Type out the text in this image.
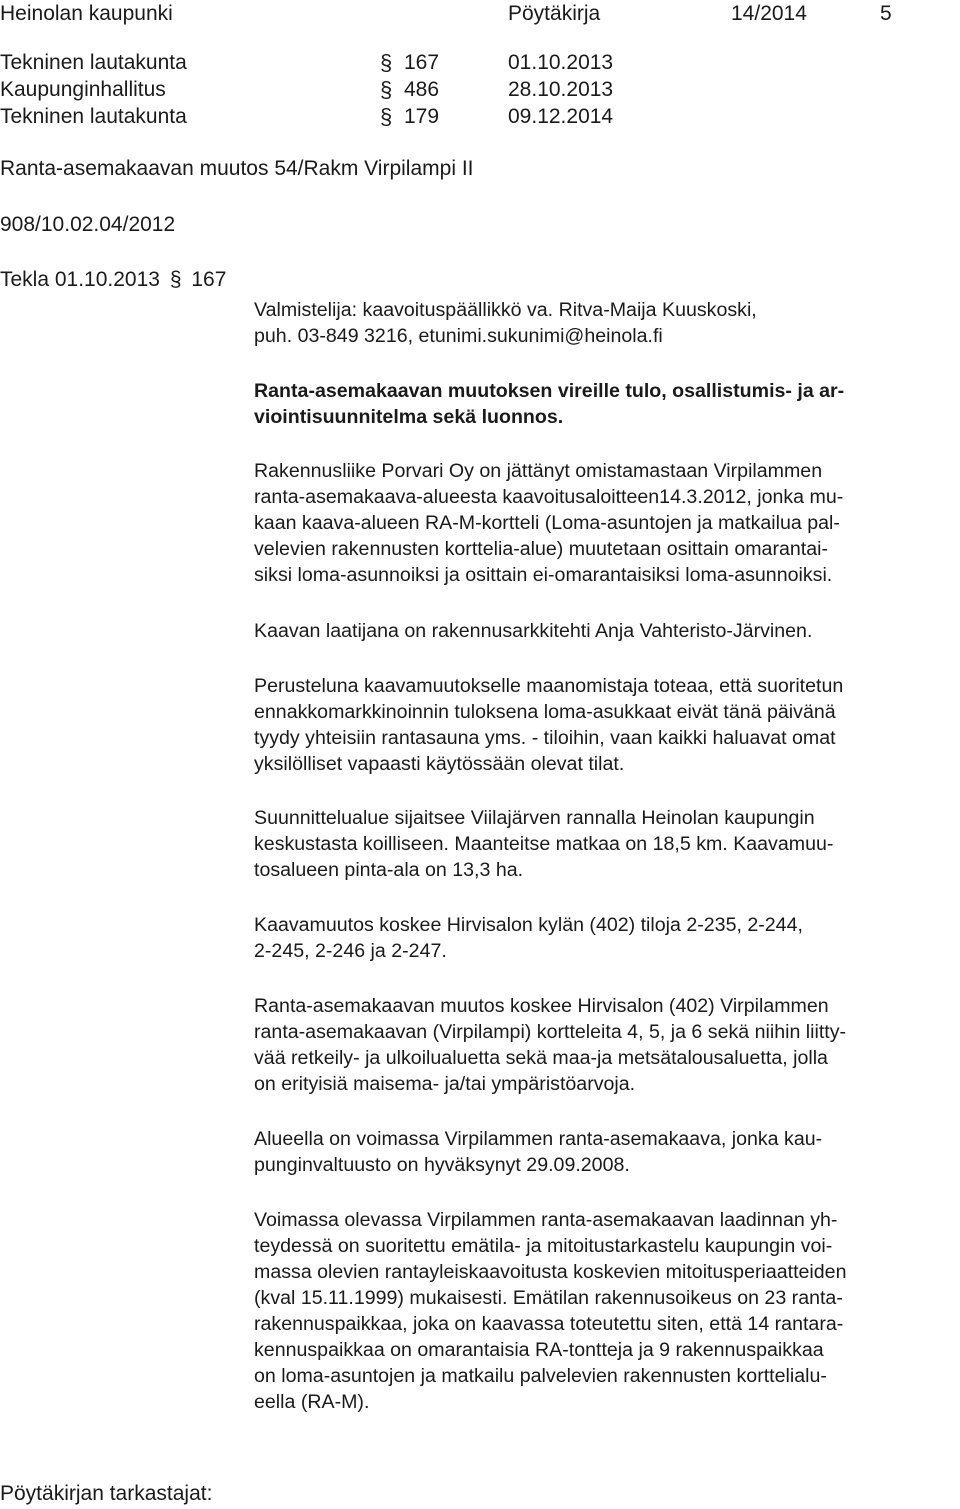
Heinolan kaupunki	Pöytäkirja	14/2014	5
Tekninen lautakunta	§ 167	01.10.2013
Kaupunginhallitus	§ 486	28.10.2013
Tekninen lautakunta	§ 179	09.12.2014
Ranta-asemakaavan muutos 54/Rakm Virpilampi II
908/10.02.04/2012
Tekla 01.10.2013 § 167
Valmistelija: kaavoituspäällikkö va. Ritva-Maija Kuuskoski,
puh. 03-849 3216, etunimi.sukunimi@heinola.fi
Ranta-asemakaavan muutoksen vireille tulo, osallistumis- ja ar-
viointisuunnitelma sekä luonnos.
Rakennusliike Porvari Oy on jättänyt omistamastaan Virpilammen
ranta-asemakaava-alueesta kaavoitusaloitteen14.3.2012, jonka mu-
kaan kaava-alueen RA-M-kortteli (Loma-asuntojen ja matkailua pal-
velevien rakennusten korttelia-alue) muutetaan osittain omarantai-
siksi loma-asunnoiksi ja osittain ei-omarantaisiksi loma-asunnoiksi.
Kaavan laatijana on rakennusarkkitehti Anja Vahteristo-Järvinen.
Perusteluna kaavamuutokselle maanomistaja toteaa, että suoritetun
ennakkomarkkinoinnin tuloksena loma-asukkaat eivät tänä päivänä
tyydy yhteisiin rantasauna yms. - tiloihin, vaan kaikki haluavat omat
yksilölliset vapaasti käytössään olevat tilat.
Suunnittelualue sijaitsee Viilajärven rannalla Heinolan kaupungin
keskustasta koilliseen. Maanteitse matkaa on 18,5 km. Kaavamuu-
tosalueen pinta-ala on 13,3 ha.
Kaavamuutos koskee Hirvisalon kylän (402) tiloja 2-235, 2-244,
2-245, 2-246 ja 2-247.
Ranta-asemakaavan muutos koskee Hirvisalon (402) Virpilammen
ranta-asemakaavan (Virpilampi) kortteleita 4, 5, ja 6 sekä niihin liitty-
vää retkeily- ja ulkoilualuetta sekä maa-ja metsätalousaluetta, jolla
on erityisiä maisema- ja/tai ympäristöarvoja.
Alueella on voimassa Virpilammen ranta-asemakaava, jonka kau-
punginvaltuusto on hyväksynyt 29.09.2008.
Voimassa olevassa Virpilammen ranta-asemakaavan laadinnan yh-
teydessä on suoritettu emätila- ja mitoitustarkastelu kaupungin voi-
massa olevien rantayleiskaavoitusta koskevien mitoitusperiaatteiden
(kval 15.11.1999) mukaisesti. Emätilan rakennusoikeus on 23 ranta-
rakennuspaikkaa, joka on kaavassa toteutettu siten, että 14 rantara-
kennuspaikkaa on omarantaisia RA-tontteja ja 9 rakennuspaikkaa
on loma-asuntojen ja matkailu palvelevien rakennusten korttelialu-
eella (RA-M).
Pöytäkirjan tarkastajat:
